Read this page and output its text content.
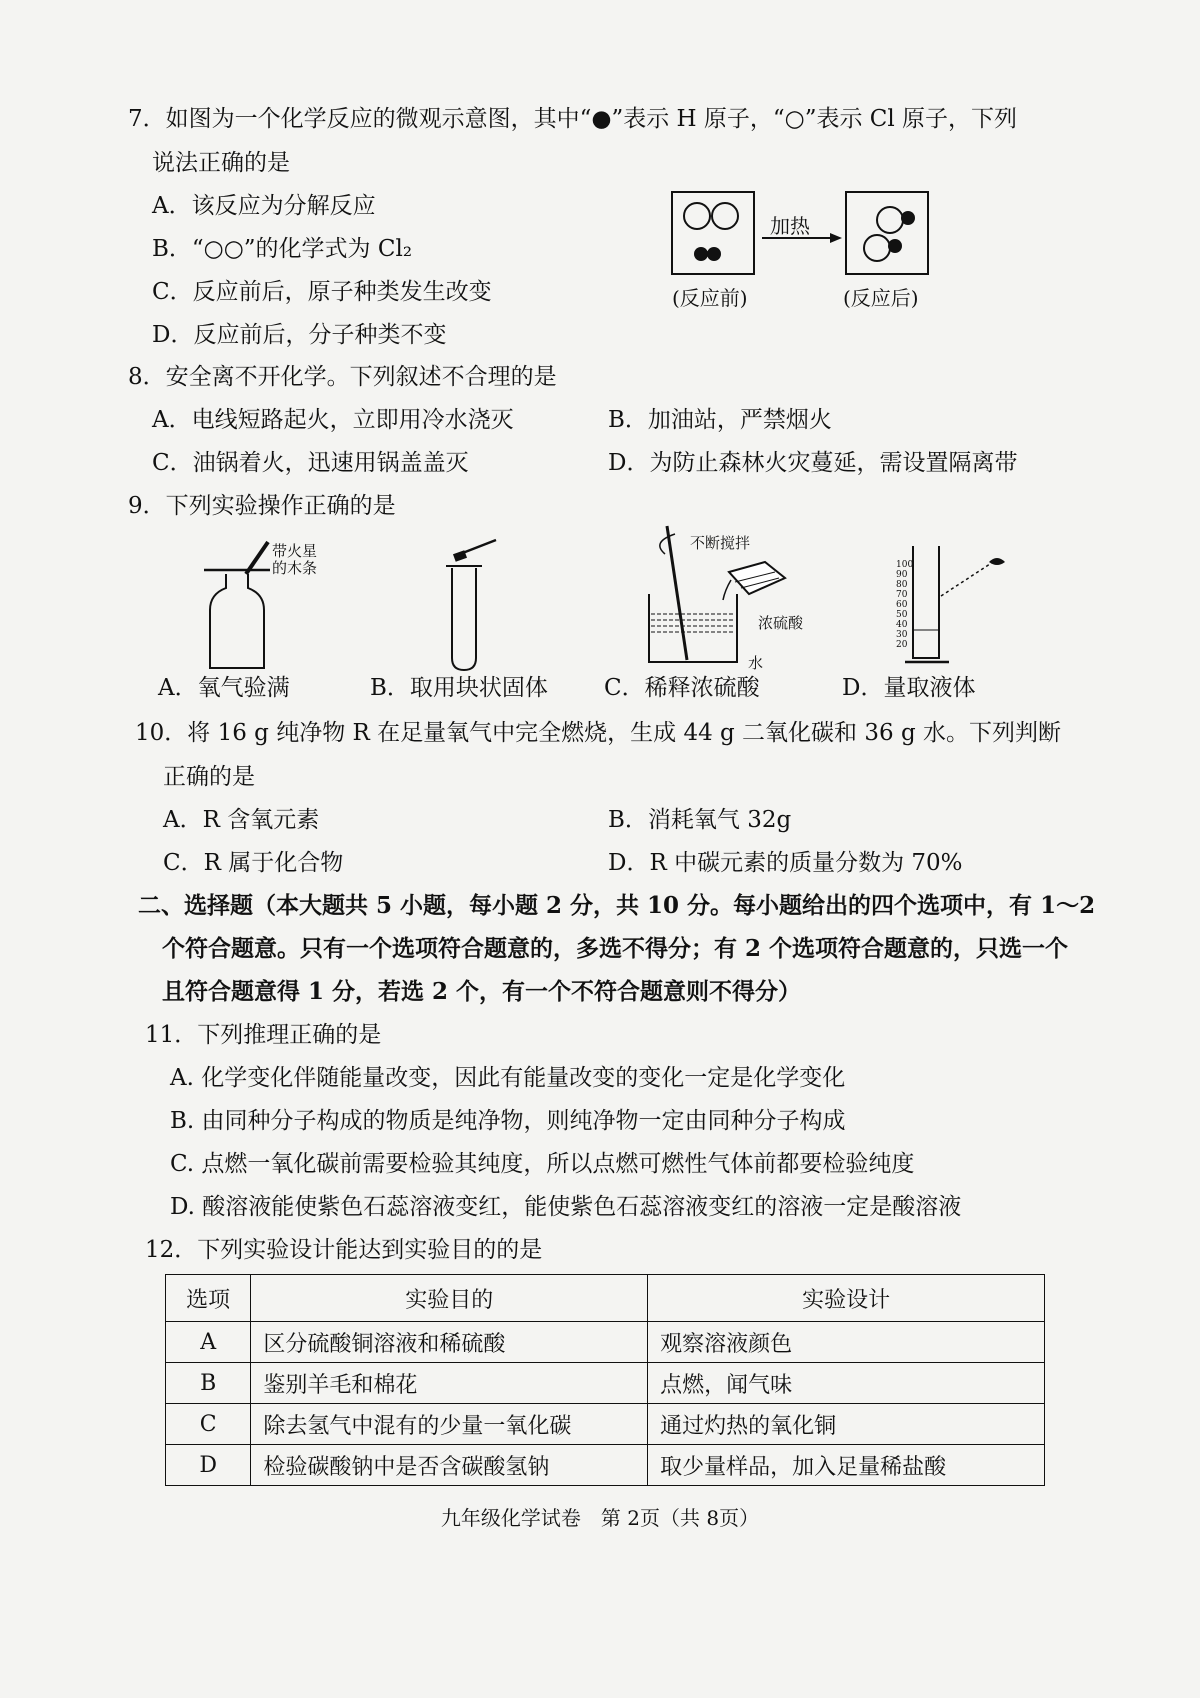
7．如图为一个化学反应的微观示意图，其中“●”表示 H 原子，“○”表示 Cl 原子，下列
说法正确的是
A．该反应为分解反应
B．“○○”的化学式为 Cl₂
C．反应前后，原子种类发生改变
D．反应前后，分子种类不变
加热
(反应前)	(反应后)
8．安全离不开化学。下列叙述不合理的是
A．电线短路起火，立即用冷水浇灭	B．加油站，严禁烟火
C．油锅着火，迅速用锅盖盖灭	D．为防止森林火灾蔓延，需设置隔离带
9．下列实验操作正确的是
带火星
的木条
不断搅拌
浓硫酸
水
100
90
80
70
60
50
40
30
20
A．氧气验满	B．取用块状固体 C．稀释浓硫酸	D．量取液体
10．将 16 g 纯净物 R 在足量氧气中完全燃烧，生成 44 g 二氧化碳和 36 g 水。下列判断
正确的是
A．R 含氧元素	B．消耗氧气 32g
C．R 属于化合物	D．R 中碳元素的质量分数为 70%
二、选择题（本大题共 5 小题，每小题 2 分，共 10 分。每小题给出的四个选项中，有 1～2
个符合题意。只有一个选项符合题意的，多选不得分；有 2 个选项符合题意的，只选一个
且符合题意得 1 分，若选 2 个，有一个不符合题意则不得分）
11．下列推理正确的是
A. 化学变化伴随能量改变，因此有能量改变的变化一定是化学变化
B. 由同种分子构成的物质是纯净物，则纯净物一定由同种分子构成
C. 点燃一氧化碳前需要检验其纯度，所以点燃可燃性气体前都要检验纯度
D. 酸溶液能使紫色石蕊溶液变红，能使紫色石蕊溶液变红的溶液一定是酸溶液
12．下列实验设计能达到实验目的的是
选项	实验目的	实验设计
A	区分硫酸铜溶液和稀硫酸	观察溶液颜色
B	鉴别羊毛和棉花	点燃，闻气味
C	除去氢气中混有的少量一氧化碳	通过灼热的氧化铜
D	检验碳酸钠中是否含碳酸氢钠	取少量样品，加入足量稀盐酸
九年级化学试卷　第 2页（共 8页）
